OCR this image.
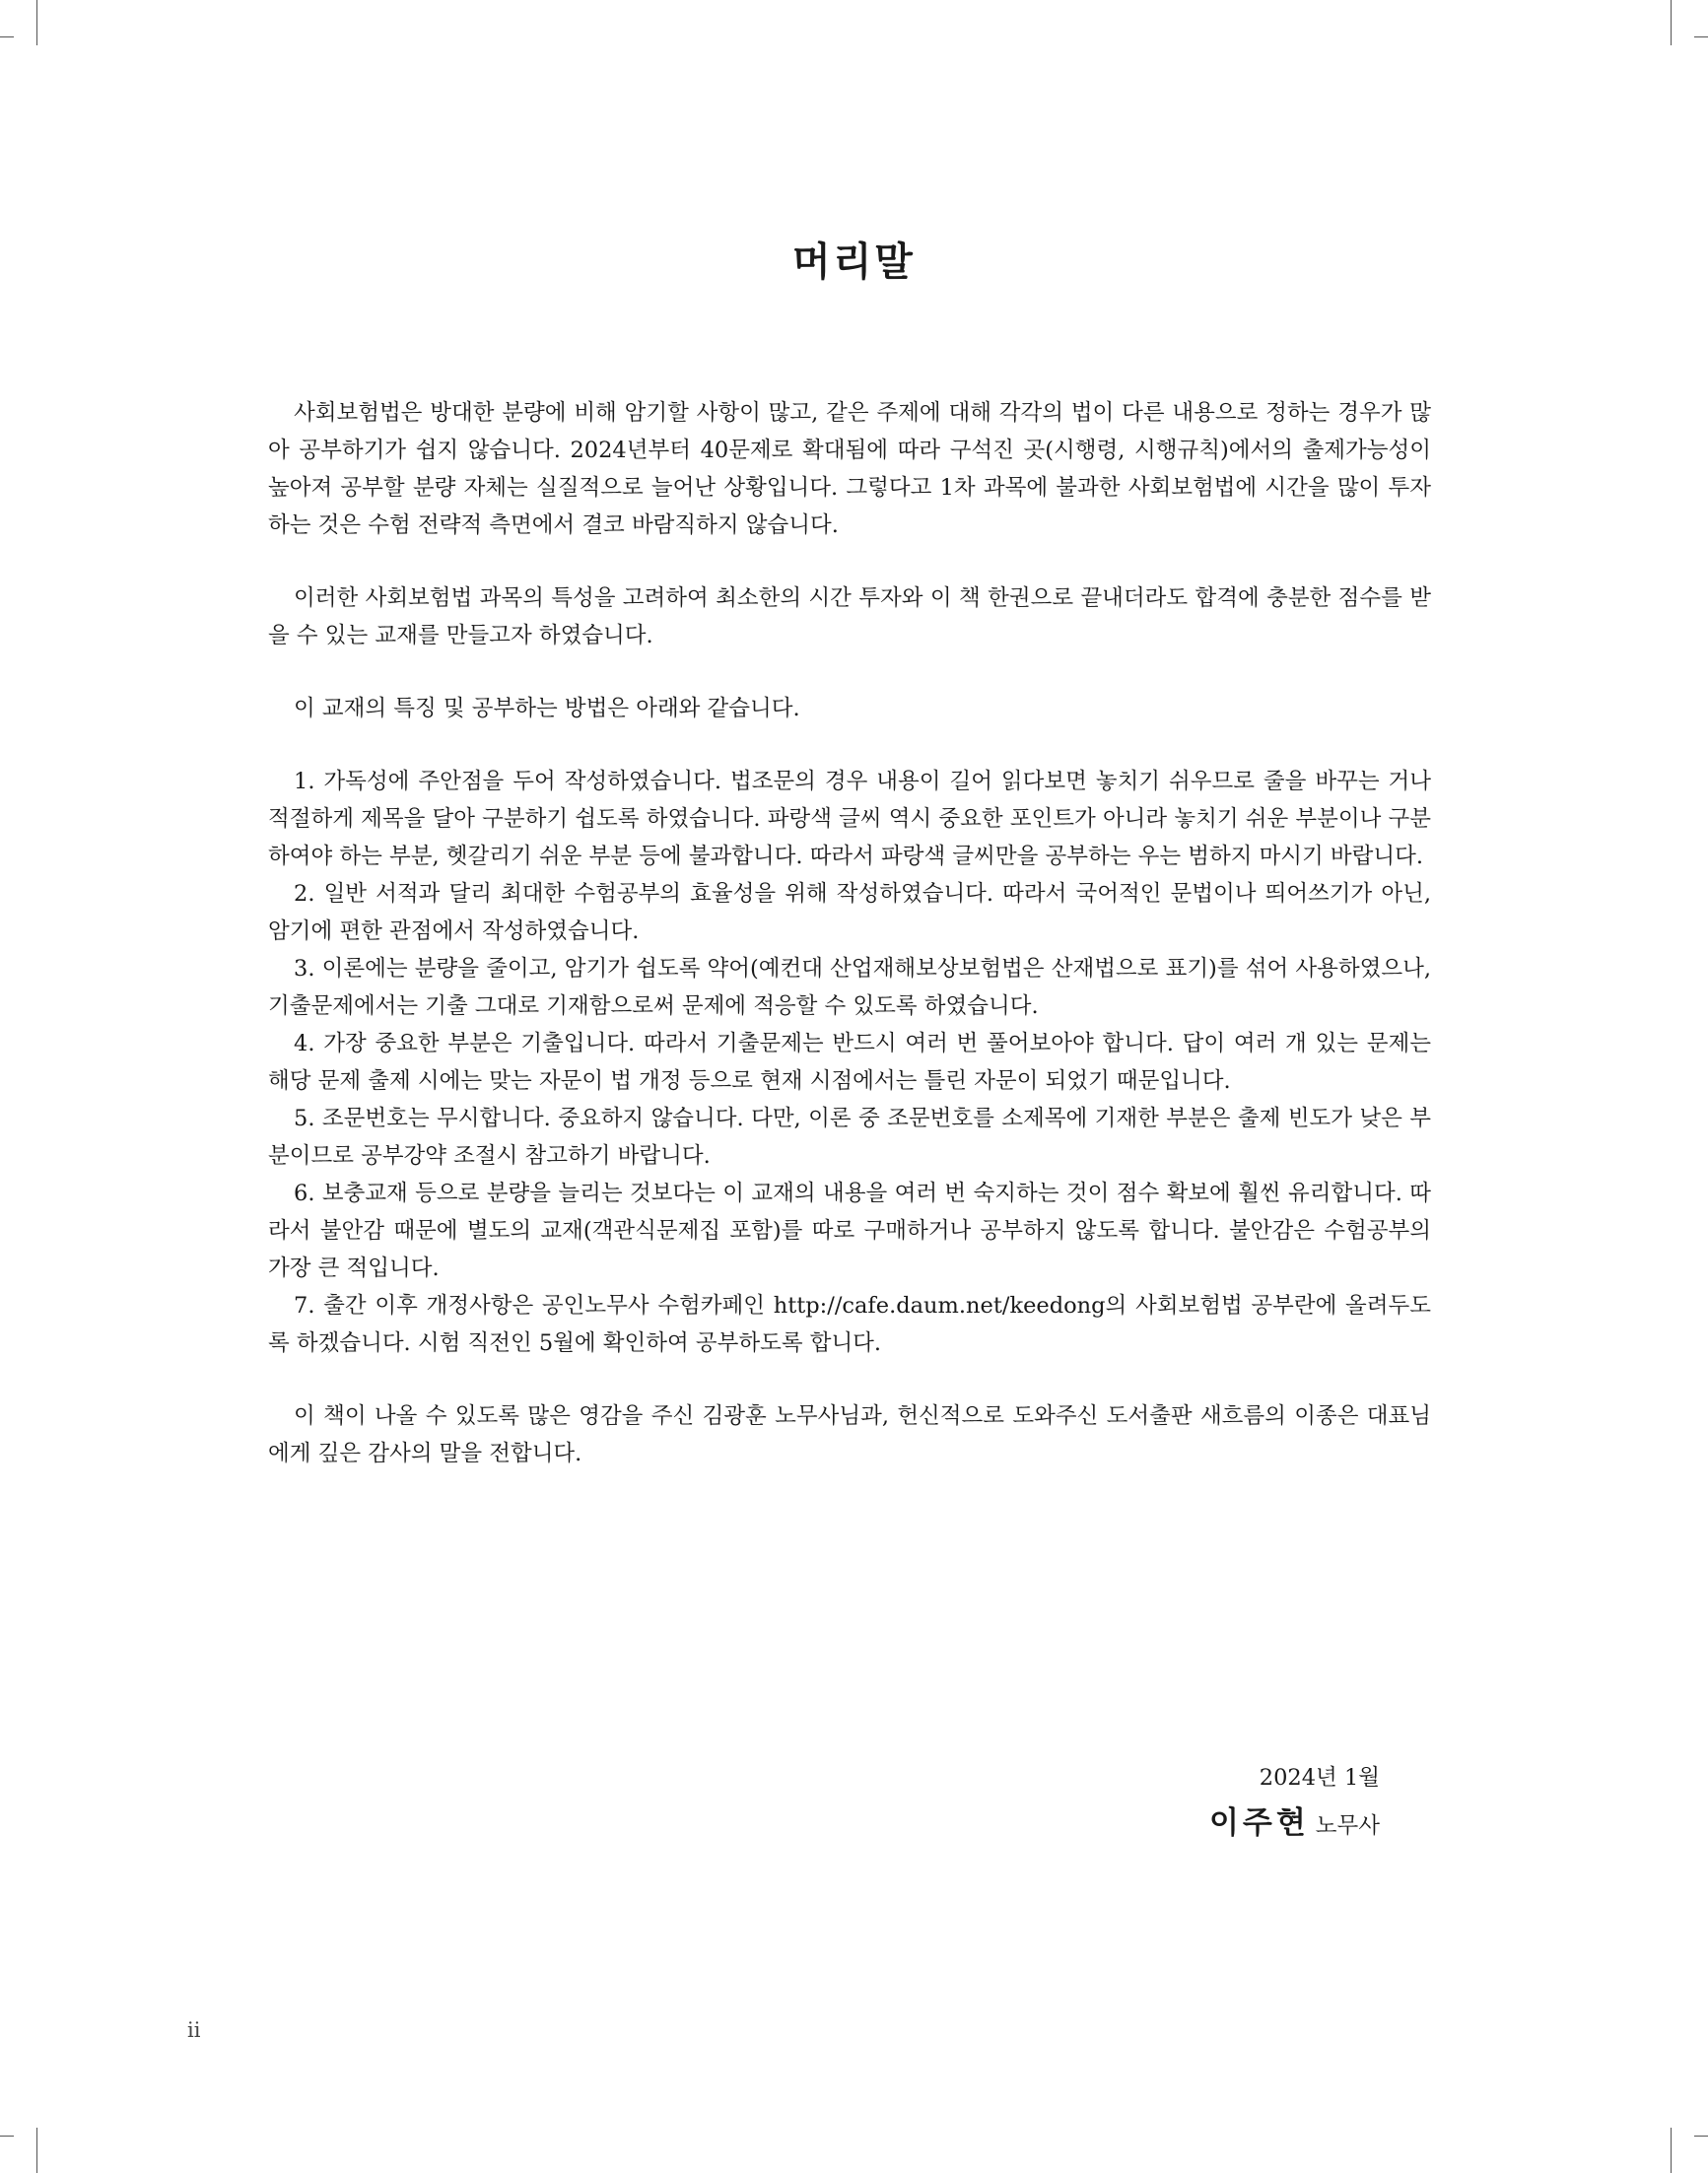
머리말

사회보험법은 방대한 분량에 비해 암기할 사항이 많고, 같은 주제에 대해 각각의 법이 다른 내용으로 정하는 경우가 많아 공부하기가 쉽지 않습니다. 2024년부터 40문제로 확대됨에 따라 구석진 곳(시행령, 시행규칙)에서의 출제가능성이 높아져 공부할 분량 자체는 실질적으로 늘어난 상황입니다. 그렇다고 1차 과목에 불과한 사회보험법에 시간을 많이 투자하는 것은 수험 전략적 측면에서 결코 바람직하지 않습니다.

이러한 사회보험법 과목의 특성을 고려하여 최소한의 시간 투자와 이 책 한권으로 끝내더라도 합격에 충분한 점수를 받을 수 있는 교재를 만들고자 하였습니다.

이 교재의 특징 및 공부하는 방법은 아래와 같습니다.

1. 가독성에 주안점을 두어 작성하였습니다. 법조문의 경우 내용이 길어 읽다보면 놓치기 쉬우므로 줄을 바꾸는 거나 적절하게 제목을 달아 구분하기 쉽도록 하였습니다. 파랑색 글씨 역시 중요한 포인트가 아니라 놓치기 쉬운 부분이나 구분하여야 하는 부분, 헷갈리기 쉬운 부분 등에 불과합니다. 따라서 파랑색 글씨만을 공부하는 우는 범하지 마시기 바랍니다.
2. 일반 서적과 달리 최대한 수험공부의 효율성을 위해 작성하였습니다. 따라서 국어적인 문법이나 띄어쓰기가 아닌, 암기에 편한 관점에서 작성하였습니다.
3. 이론에는 분량을 줄이고, 암기가 쉽도록 약어(예컨대 산업재해보상보험법은 산재법으로 표기)를 섞어 사용하였으나, 기출문제에서는 기출 그대로 기재함으로써 문제에 적응할 수 있도록 하였습니다.
4. 가장 중요한 부분은 기출입니다. 따라서 기출문제는 반드시 여러 번 풀어보아야 합니다. 답이 여러 개 있는 문제는 해당 문제 출제 시에는 맞는 자문이 법 개정 등으로 현재 시점에서는 틀린 자문이 되었기 때문입니다.
5. 조문번호는 무시합니다. 중요하지 않습니다. 다만, 이론 중 조문번호를 소제목에 기재한 부분은 출제 빈도가 낮은 부분이므로 공부강약 조절시 참고하기 바랍니다.
6. 보충교재 등으로 분량을 늘리는 것보다는 이 교재의 내용을 여러 번 숙지하는 것이 점수 확보에 훨씬 유리합니다. 따라서 불안감 때문에 별도의 교재(객관식문제집 포함)를 따로 구매하거나 공부하지 않도록 합니다. 불안감은 수험공부의 가장 큰 적입니다.
7. 출간 이후 개정사항은 공인노무사 수험카페인 http://cafe.daum.net/keedong의 사회보험법 공부란에 올려두도록 하겠습니다. 시험 직전인 5월에 확인하여 공부하도록 합니다.

이 책이 나올 수 있도록 많은 영감을 주신 김광훈 노무사님과, 헌신적으로 도와주신 도서출판 새흐름의 이종은 대표님에게 깊은 감사의 말을 전합니다.

2024년 1월
이주현 노무사
ii
